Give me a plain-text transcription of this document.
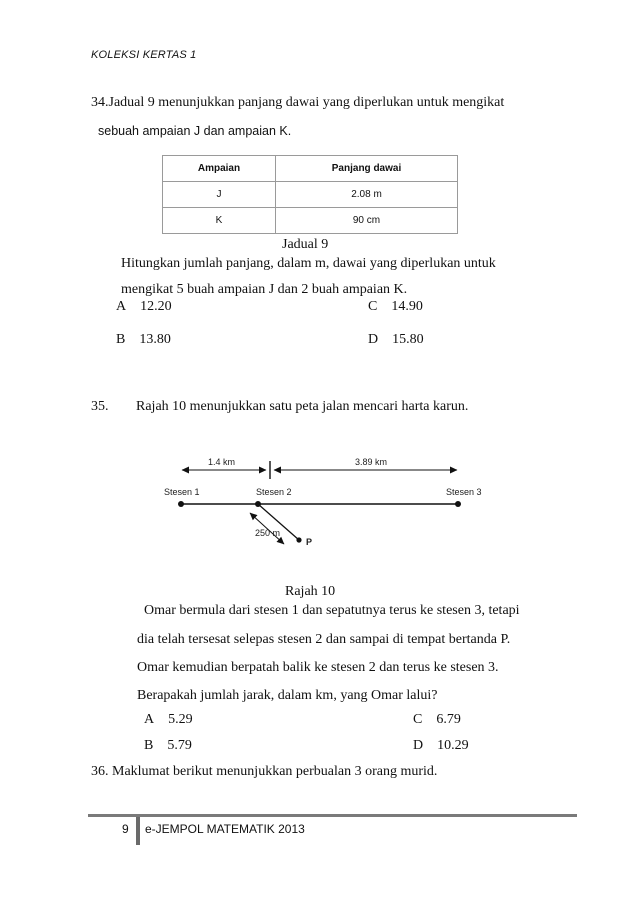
KOLEKSI KERTAS 1
34.Jadual 9 menunjukkan panjang dawai yang diperlukan untuk mengikat
sebuah ampaian J dan ampaian K.
Ampaian	Panjang dawai
J	2.08 m
K	90 cm
Jadual 9
Hitungkan jumlah panjang, dalam m, dawai yang diperlukan untuk
mengikat 5 buah ampaian J dan 2 buah ampaian K.
A    12.20	C    14.90
B    13.80	D    15.80
35. Rajah 10 menunjukkan satu peta jalan mencari harta karun.
1.4 km	3.89 km
Stesen 1	Stesen 2	Stesen 3
250 m
P
Rajah 10
Omar bermula dari stesen 1 dan sepatutnya terus ke stesen 3, tetapi
dia telah tersesat selepas stesen 2 dan sampai di tempat bertanda P.
Omar kemudian berpatah balik ke stesen 2 dan terus ke stesen 3.
Berapakah jumlah jarak, dalam km, yang Omar lalui?
A    5.29	C    6.79
B    5.79	D    10.29
36. Maklumat berikut menunjukkan perbualan 3 orang murid.
9 e-JEMPOL MATEMATIK 2013
